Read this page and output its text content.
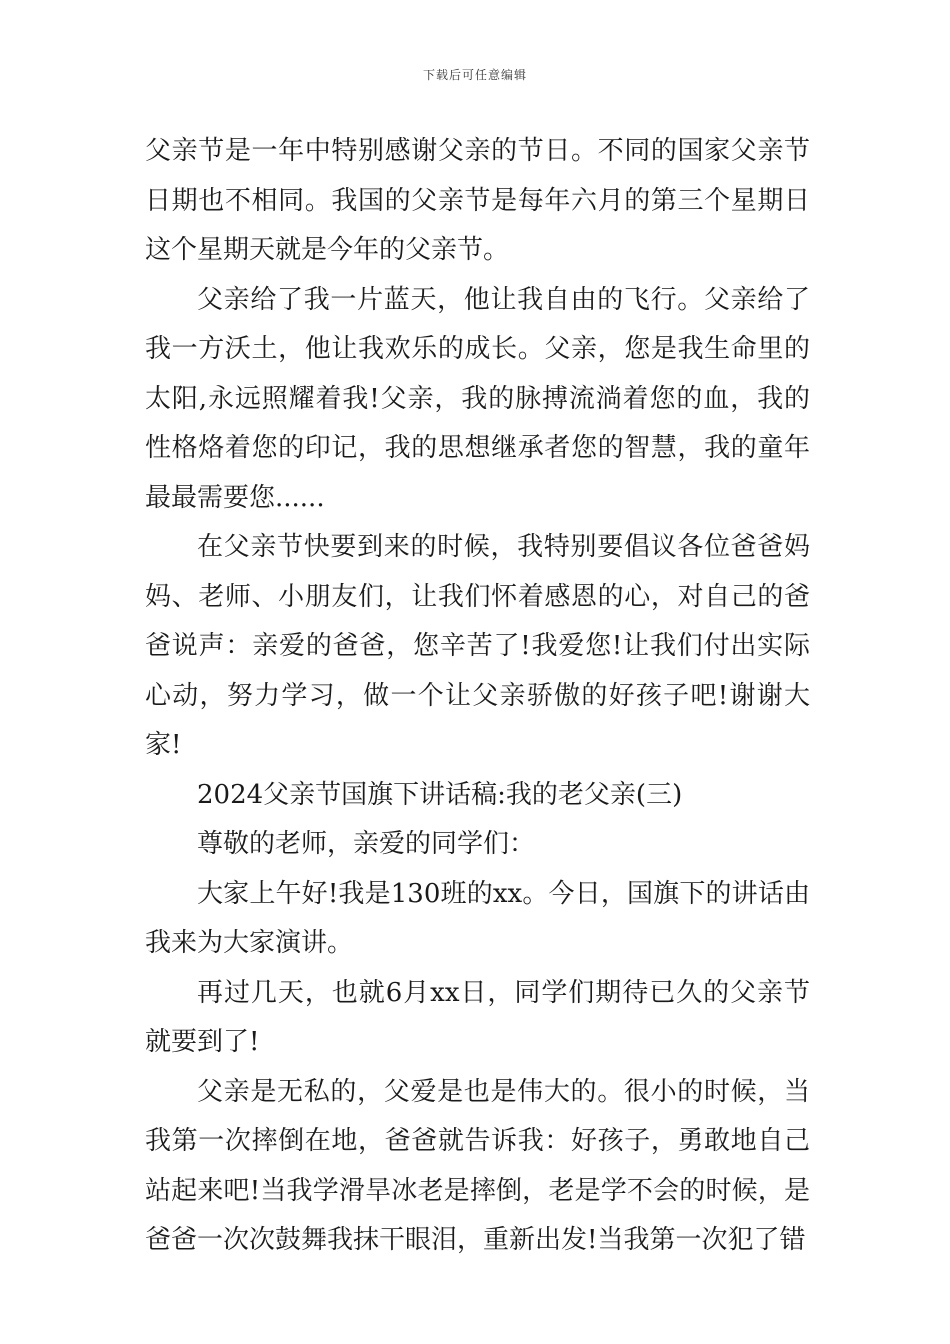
下载后可任意编辑

父亲节是一年中特别感谢父亲的节日。不同的国家父亲节日期也不相同。我国的父亲节是每年六月的第三个星期日这个星期天就是今年的父亲节。

父亲给了我一片蓝天，他让我自由的飞行。父亲给了我一方沃土，他让我欢乐的成长。父亲，您是我生命里的太阳,永远照耀着我!父亲，我的脉搏流淌着您的血，我的性格烙着您的印记，我的思想继承者您的智慧，我的童年最最需要您......

在父亲节快要到来的时候，我特别要倡议各位爸爸妈妈、老师、小朋友们，让我们怀着感恩的心，对自己的爸爸说声：亲爱的爸爸，您辛苦了!我爱您!让我们付出实际心动，努力学习，做一个让父亲骄傲的好孩子吧!谢谢大家!

2024父亲节国旗下讲话稿:我的老父亲(三)

尊敬的老师，亲爱的同学们：

大家上午好!我是130班的xx。今日，国旗下的讲话由我来为大家演讲。

再过几天，也就6月xx日，同学们期待已久的父亲节就要到了!

父亲是无私的，父爱是也是伟大的。很小的时候，当我第一次摔倒在地，爸爸就告诉我：好孩子，勇敢地自己站起来吧!当我学滑旱冰老是摔倒，老是学不会的时候，是爸爸一次次鼓舞我抹干眼泪，重新出发!当我第一次犯了错
